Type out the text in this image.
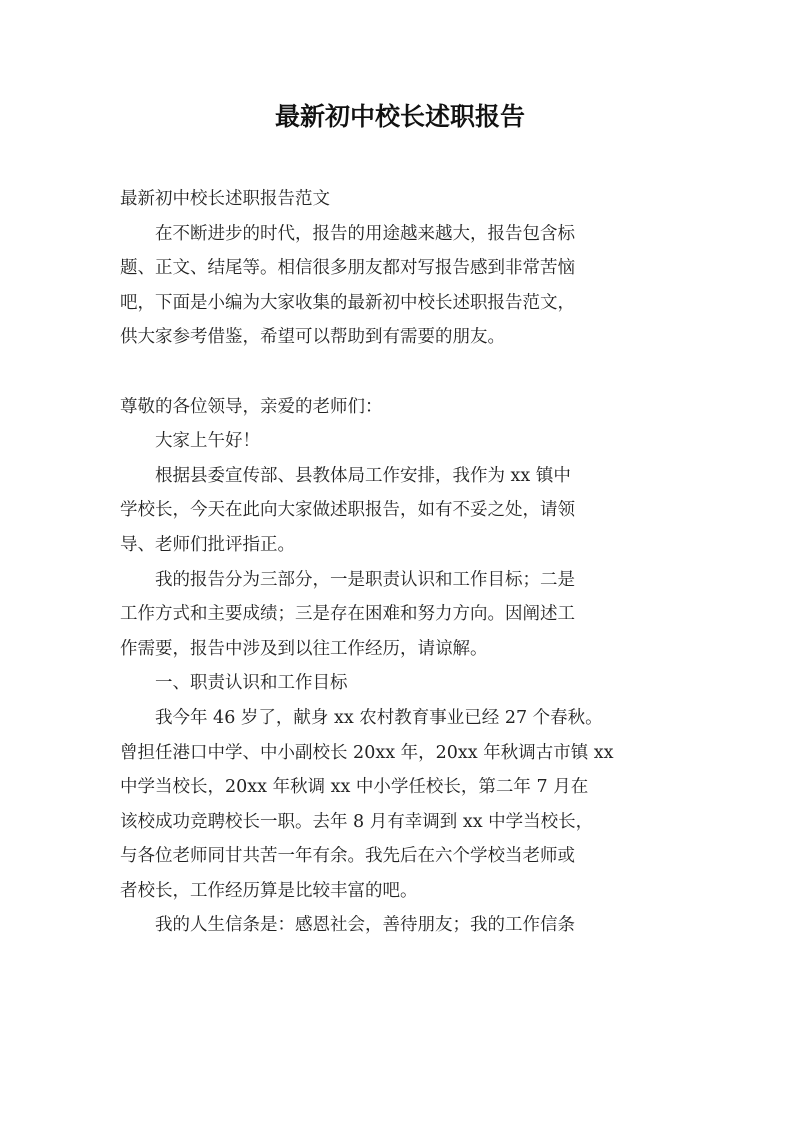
最新初中校长述职报告

最新初中校长述职报告范文

　　在不断进步的时代，报告的用途越来越大，报告包含标

题、正文、结尾等。相信很多朋友都对写报告感到非常苦恼

吧，下面是小编为大家收集的最新初中校长述职报告范文，

供大家参考借鉴，希望可以帮助到有需要的朋友。

尊敬的各位领导，亲爱的老师们：

　　大家上午好！

　　根据县委宣传部、县教体局工作安排，我作为 xx 镇中

学校长，今天在此向大家做述职报告，如有不妥之处，请领

导、老师们批评指正。

　　我的报告分为三部分，一是职责认识和工作目标；二是

工作方式和主要成绩；三是存在困难和努力方向。因阐述工

作需要，报告中涉及到以往工作经历，请谅解。

　　一、职责认识和工作目标

　　我今年 46 岁了，献身 xx 农村教育事业已经 27 个春秋。

曾担任港口中学、中小副校长 20xx 年，20xx 年秋调古市镇 xx

中学当校长，20xx 年秋调 xx 中小学任校长，第二年 7 月在

该校成功竞聘校长一职。去年 8 月有幸调到 xx 中学当校长，

与各位老师同甘共苦一年有余。我先后在六个学校当老师或

者校长，工作经历算是比较丰富的吧。

　　我的人生信条是：感恩社会，善待朋友；我的工作信条
